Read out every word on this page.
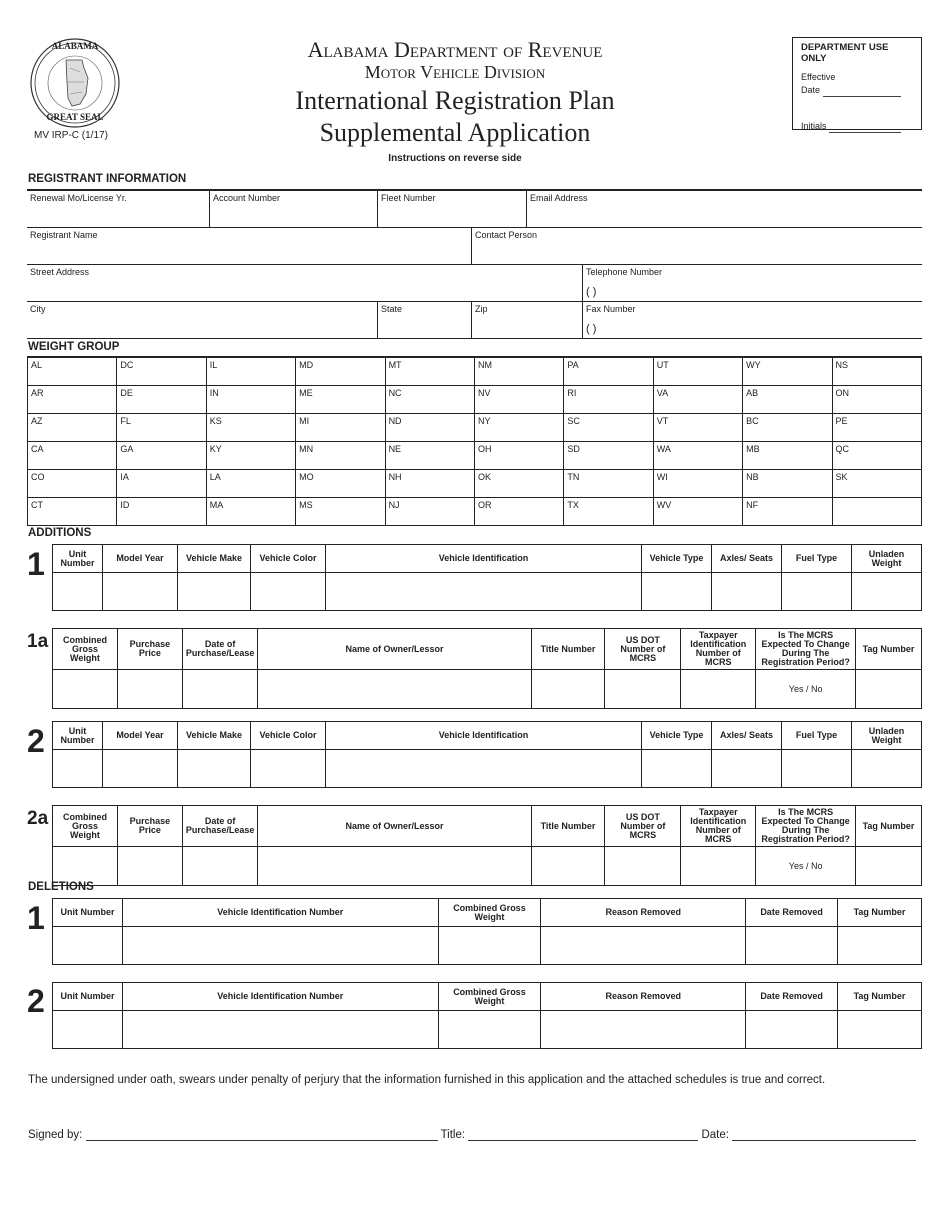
ALABAMA
GREAT SEAL
MV IRP-C (1/17)
Alabama Department of Revenue
Motor Vehicle Division
International Registration Plan
Supplemental Application
Instructions on reverse side
DEPARTMENT USE ONLY
Effective
Date
Initials
REGISTRANT INFORMATION
Renewal Mo/License Yr.	Account Number	Fleet Number	Email Address
Registrant Name	Contact Person
Street Address	Telephone Number
( )
City	State	Zip	Fax Number
( )
WEIGHT GROUP
AL	DC	IL	MD	MT	NM	PA	UT	WY	NS
AR	DE	IN	ME	NC	NV	RI	VA	AB	ON
AZ	FL	KS	MI	ND	NY	SC	VT	BC	PE
CA	GA	KY	MN	NE	OH	SD	WA	MB	QC
CO	IA	LA	MO	NH	OK	TN	WI	NB	SK
CT	ID	MA	MS	NJ	OR	TX	WV	NF	
ADDITIONS
1	Unit Number	Model Year	Vehicle Make	Vehicle Color	Vehicle Identification	Vehicle Type	Axles/ Seats	Fuel Type	Unladen Weight

1a Combined Gross Weight	Purchase Price	Date of Purchase/Lease	Name of Owner/Lessor	Title Number	US DOT Number of MCRS	Taxpayer Identification Number of MCRS	Is The MCRS Expected To Change During The Registration Period?	Tag Number
							Yes / No	
2	Unit Number	Model Year	Vehicle Make	Vehicle Color	Vehicle Identification	Vehicle Type	Axles/ Seats	Fuel Type	Unladen Weight

2a Combined Gross Weight	Purchase Price	Date of Purchase/Lease	Name of Owner/Lessor	Title Number	US DOT Number of MCRS	Taxpayer Identification Number of MCRS	Is The MCRS Expected To Change During The Registration Period?	Tag Number
							Yes / No	
DELETIONS
1 Unit Number	Vehicle Identification Number	Combined Gross Weight	Reason Removed	Date Removed	Tag Number

2 Unit Number	Vehicle Identification Number	Combined Gross Weight	Reason Removed	Date Removed	Tag Number

The undersigned under oath, swears under penalty of perjury that the information furnished in this application and the attached schedules is true and correct.
Signed by:	Title:	Date:
